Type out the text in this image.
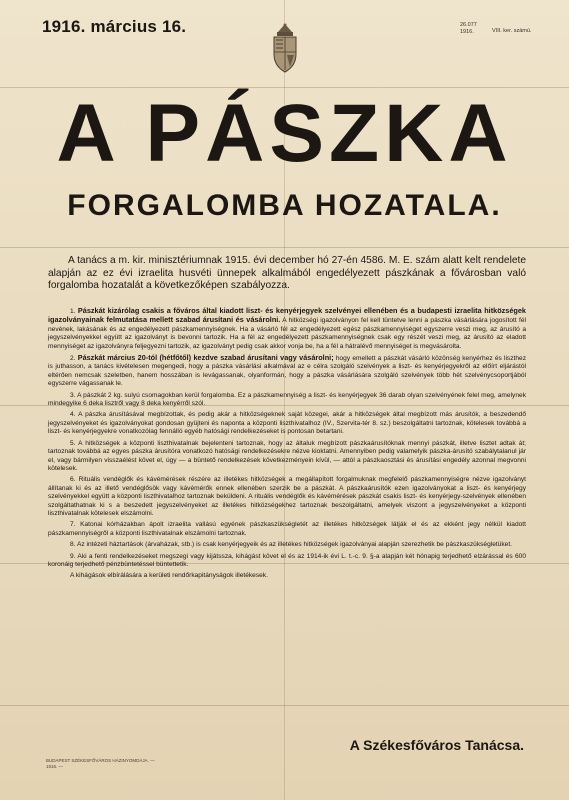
1916. március 16.	26.077
1916.	VIII. ker. számú.
A PÁSZKA
FORGALOMBA HOZATALA.
A tanács a m. kir. minisztériumnak 1915. évi december hó 27-én 4586. M. E. szám alatt kelt rendelete alapján az ez évi izraelita husvéti ünnepek alkalmából engedélyezett pászkának a fővárosban való forgalomba hozatalát a következőképen szabályozza.

1. Pászkát kizárólag csakis a főváros által kiadott liszt- és kenyérjegyek szelvényei ellenében és a budapesti izraelita hitközségek igazolványainak felmutatása mellett szabad árusítani és vásárolni. A hitközségi igazolványon fel kell tüntetve lenni a pászka vásárlására jogosított fél nevének, lakásának és az engedélyezett pászkamennyiségnek. Ha a vásárló fél az engedélyezett egész pászkamennyiséget egyszerre veszi meg, az árusító a jegyszelvényekkel együtt az igazolványt is bevonni tartozik. Ha a fél az engedélyezett pászkamennyiségnek csak egy részét veszi meg, az árusító az eladott mennyiséget az igazolványra feljegyezni tartozik, az igazolványt pedig csak akkor vonja be, ha a fél a hátralévő mennyiséget is megvásárolta.

2. Pászkát március 20-tól (hétfőtől) kezdve szabad árusítani vagy vásárolni; hogy emellett a pászkát vásárló közönség kenyérhez és liszthez is juthasson, a tanács kivételesen megengedi, hogy a pászka vásárlási alkalmával az e célra szolgáló szelvények a liszt- és kenyérjegyekről az előírt eljárástól eltérően nemcsak szeletben, hanem hosszában is levágassanak, olyanformán, hogy a pászka vásárlására szolgáló szelvények több hét szelvénycsoportjából egyszerre vágassanak le.

3. A pászkát 2 kg. sulyú csomagokban kerül forgalomba. Ez a pászkamennyiség a liszt- és kenyérjegyek 36 darab olyan szelvényének felel meg, amelynek mindegyike 6 deka lisztről vagy 8 deka kenyérről szól.

4. A pászka árusításával megbízottak, és pedig akár a hitközségeknek saját közegei, akár a hitközségek által megbízott más árusítók, a beszedendő jegyszelvényeket és igazolványokat gondosan gyüjteni és naponta a központi liszthivatalhoz (IV., Szervita-tér 8. sz.) beszolgáltatni tartoznak, kötelesek továbbá a liszt- és kenyérjegyekre vonatkozólag fennálló egyéb hatósági rendelkezéseket is pontosan betartani.

5. A hitközségek a központi liszthivatalnak bejelenteni tartoznak, hogy az általuk megbízott pászkaárusítóknak mennyi pászkát, illetve lisztet adtak át; tartoznak továbbá az egyes pászka árusítóra vonatkozó hatósági rendelkezésekre nézve kioktatni. Amennyiben pedig valamelyik pászka-árusító szabálytalanul jár el, vagy bármilyen visszaélést követ el, úgy — a büntető rendelkezések következményein kívül, — attól a pászkaosztási és árusítási engedély azonnal megvonni kötelesek.

6. Rituális vendéglők és kávémérések részére az illetékes hitközségek a megállapított forgalmuknak megfelelő pászkamennyiségre nézve igazolványt állítanak ki és az illető vendéglősök vagy kávémérők ennek ellenében szerzik be a pászkát. A pászkaárusítók ezen igazolványokat a liszt- és kenyérjegy szelvényekkel együtt a központi liszthivatalhoz tartoznak beküldeni. A rituális vendéglők és kávémérések pászkát csakis liszt- és kenyérjegy-szelvények ellenében szolgáltathatnak ki s a beszedett jegyszelvényeket az illetékes hitközségekhez tartoznak beszolgáltatni, amelyek viszont a jegyszelvényeket a központi liszthivatalnak kötelesek elszámolni.

7. Katonai kórházakban ápolt izraelita vallású egyének pászkaszükségletét az illetékes hitközségek látják el és az ekként jegy nélkül kiadott pászkamennyiségről a központi liszthivatalnak elszámolni tartoznak.

8. Az intézeti háztartások (árvaházak, stb.) is csak kenyérjegyeik és az illetékes hitközségek igazolványai alapján szerezhetik be pászkaszükségletüket.

9. Aki a fenti rendelkezéseket megszegi vagy kijátssza, kihágást követ el és az 1914-ik évi L. t.-c. 9. §-a alapján két hónapig terjedhető elzárással és 600 koronáig terjedhető pénzbüntetéssel büntettetik.

A kihágások elbírálására a kerületi rendőrkapitányságok illetékesek.

A Székesfőváros Tanácsa.
BUDAPEST SZÉKESFŐVÁROS HÁZINYOMDÁJA. — 1916. —
